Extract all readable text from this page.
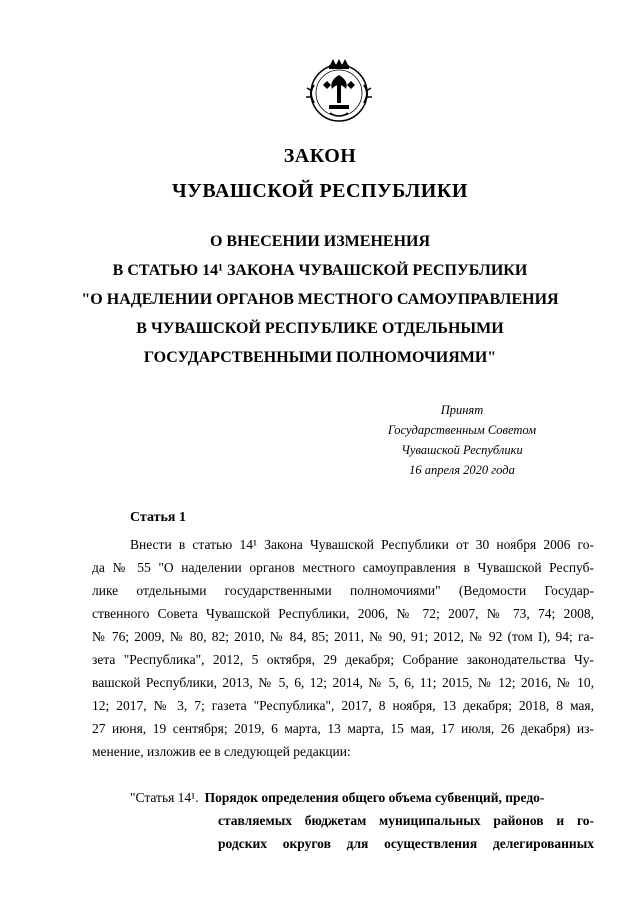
ЗАКОН
ЧУВАШСКОЙ РЕСПУБЛИКИ
О ВНЕСЕНИИ ИЗМЕНЕНИЯ
В СТАТЬЮ 14¹ ЗАКОНА ЧУВАШСКОЙ РЕСПУБЛИКИ
"О НАДЕЛЕНИИ ОРГАНОВ МЕСТНОГО САМОУПРАВЛЕНИЯ
В ЧУВАШСКОЙ РЕСПУБЛИКЕ ОТДЕЛЬНЫМИ
ГОСУДАРСТВЕННЫМИ ПОЛНОМОЧИЯМИ"
Принят
Государственным Советом
Чувашской Республики
16 апреля 2020 года
Статья 1
Внести в статью 14¹ Закона Чувашской Республики от 30 ноября 2006 го-
да № 55 "О наделении органов местного самоуправления в Чувашской Респуб-
лике отдельными государственными полномочиями" (Ведомости Государ-
ственного Совета Чувашской Республики, 2006, № 72; 2007, № 73, 74; 2008,
№ 76; 2009, № 80, 82; 2010, № 84, 85; 2011, № 90, 91; 2012, № 92 (том I), 94; га-
зета "Республика", 2012, 5 октября, 29 декабря; Собрание законодательства Чу-
вашской Республики, 2013, № 5, 6, 12; 2014, № 5, 6, 11; 2015, № 12; 2016, № 10,
12; 2017, № 3, 7; газета "Республика", 2017, 8 ноября, 13 декабря; 2018, 8 мая,
27 июня, 19 сентября; 2019, 6 марта, 13 марта, 15 мая, 17 июля, 26 декабря) из-
менение, изложив ее в следующей редакции:
"Статья 14¹. Порядок определения общего объема субвенций, предо-
ставляемых бюджетам муниципальных районов и го-
родских округов для осуществления делегированных
